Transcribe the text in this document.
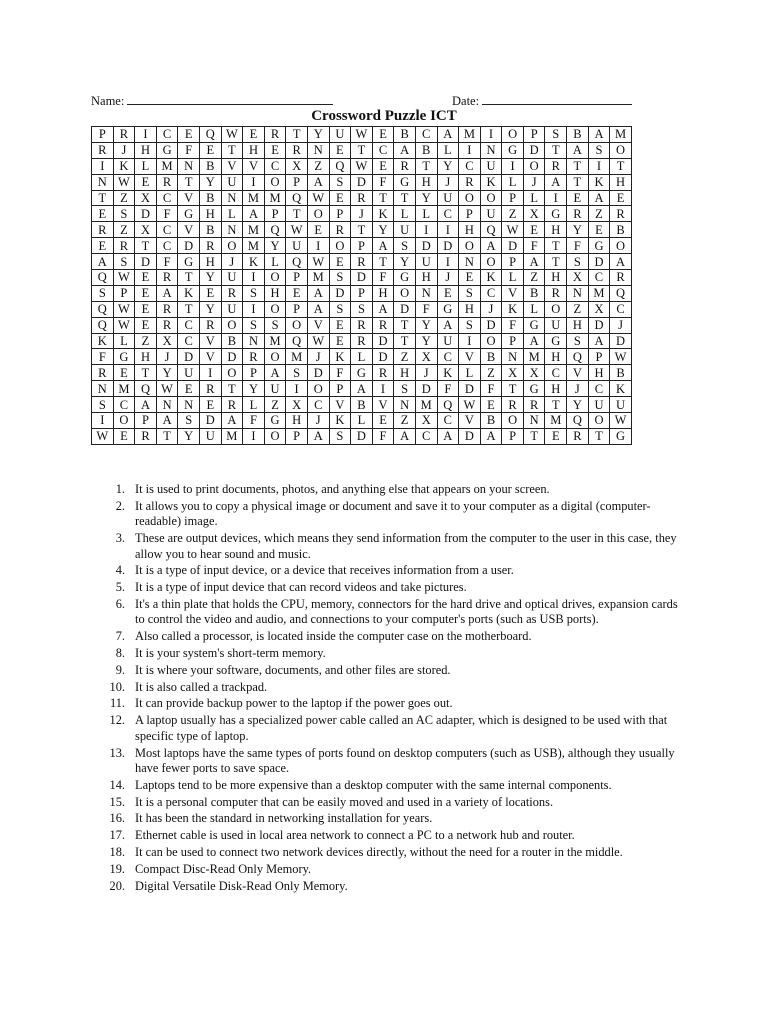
Name:	Date:
Crossword Puzzle ICT
P	R	I	C	E	Q	W	E	R	T	Y	U	W	E	B	C	A	M	I	O	P	S	B	A	M
R	J	H	G	F	E	T	H	E	R	N	E	T	C	A	B	L	I	N	G	D	T	A	S	O
I	K	L	M	N	B	V	V	C	X	Z	Q	W	E	R	T	Y	C	U	I	O	R	T	I	T
N	W	E	R	T	Y	U	I	O	P	A	S	D	F	G	H	J	R	K	L	J	A	T	K	H
T	Z	X	C	V	B	N	M	M	Q	W	E	R	T	T	Y	U	O	O	P	L	I	E	A	E
E	S	D	F	G	H	L	A	P	T	O	P	J	K	L	L	C	P	U	Z	X	G	R	Z	R
R	Z	X	C	V	B	N	M	Q	W	E	R	T	Y	U	I	I	H	Q	W	E	H	Y	E	B
E	R	T	C	D	R	O	M	Y	U	I	O	P	A	S	D	D	O	A	D	F	T	F	G	O
A	S	D	F	G	H	J	K	L	Q	W	E	R	T	Y	U	I	N	O	P	A	T	S	D	A
Q	W	E	R	T	Y	U	I	O	P	M	S	D	F	G	H	J	E	K	L	Z	H	X	C	R
S	P	E	A	K	E	R	S	H	E	A	D	P	H	O	N	E	S	C	V	B	R	N	M	Q
Q	W	E	R	T	Y	U	I	O	P	A	S	S	A	D	F	G	H	J	K	L	O	Z	X	C
Q	W	E	R	C	R	O	S	S	O	V	E	R	R	T	Y	A	S	D	F	G	U	H	D	J
K	L	Z	X	C	V	B	N	M	Q	W	E	R	D	T	Y	U	I	O	P	A	G	S	A	D
F	G	H	J	D	V	D	R	O	M	J	K	L	D	Z	X	C	V	B	N	M	H	Q	P	W
R	E	T	Y	U	I	O	P	A	S	D	F	G	R	H	J	K	L	Z	X	X	C	V	H	B
N	M	Q	W	E	R	T	Y	U	I	O	P	A	I	S	D	F	D	F	T	G	H	J	C	K
S	C	A	N	N	E	R	L	Z	X	C	V	B	V	N	M	Q	W	E	R	R	T	Y	U	U
I	O	P	A	S	D	A	F	G	H	J	K	L	E	Z	X	C	V	B	O	N	M	Q	O	W
W	E	R	T	Y	U	M	I	O	P	A	S	D	F	A	C	A	D	A	P	T	E	R	T	G
1. It is used to print documents, photos, and anything else that appears on your screen.
2. It allows you to copy a physical image or document and save it to your computer as a digital (computer-readable) image.
3. These are output devices, which means they send information from the computer to the user in this case, they allow you to hear sound and music.
4. It is a type of input device, or a device that receives information from a user.
5. It is a type of input device that can record videos and take pictures.
6. It's a thin plate that holds the CPU, memory, connectors for the hard drive and optical drives, expansion cards to control the video and audio, and connections to your computer's ports (such as USB ports).
7. Also called a processor, is located inside the computer case on the motherboard.
8. It is your system's short-term memory.
9. It is where your software, documents, and other files are stored.
10. It is also called a trackpad.
11. It can provide backup power to the laptop if the power goes out.
12. A laptop usually has a specialized power cable called an AC adapter, which is designed to be used with that specific type of laptop.
13. Most laptops have the same types of ports found on desktop computers (such as USB), although they usually have fewer ports to save space.
14. Laptops tend to be more expensive than a desktop computer with the same internal components.
15. It is a personal computer that can be easily moved and used in a variety of locations.
16. It has been the standard in networking installation for years.
17. Ethernet cable is used in local area network to connect a PC to a network hub and router.
18. It can be used to connect two network devices directly, without the need for a router in the middle.
19. Compact Disc-Read Only Memory.
20. Digital Versatile Disk-Read Only Memory.
